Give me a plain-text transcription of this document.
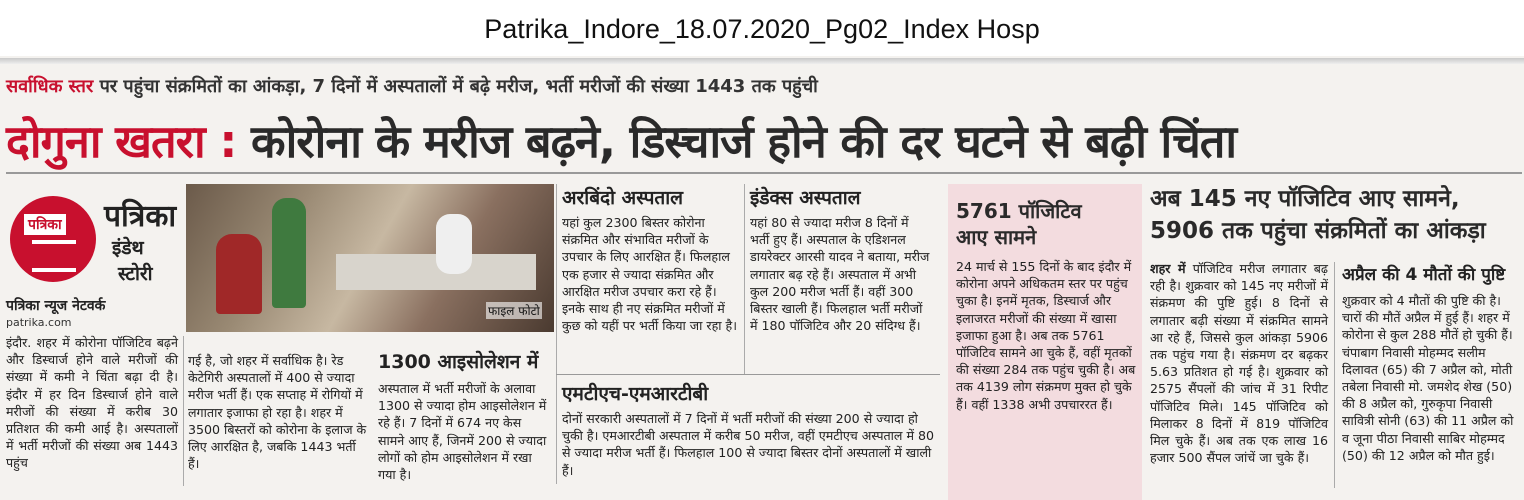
Patrika_Indore_18.07.2020_Pg02_Index Hosp
सर्वाधिक स्तर पर पहुंचा संक्रमितों का आंकड़ा, 7 दिनों में अस्पतालों में बढ़े मरीज, भर्ती मरीजों की संख्या 1443 तक पहुंची
दोगुना खतरा : कोरोना के मरीज बढ़ने, डिस्चार्ज होने की दर घटने से बढ़ी चिंता
पत्रिका पत्रिका
इंडेथ
स्टोरी
पत्रिका न्यूज नेटवर्क
patrika.com
फाइल फोटो
इंदौर. शहर में कोरोना पॉजिटिव बढ़ने और डिस्चार्ज होने वाले मरीजों की संख्या में कमी ने चिंता बढ़ा दी है। इंदौर में हर दिन डिस्चार्ज होने वाले मरीजों की संख्या में करीब 30 प्रतिशत की कमी आई है। अस्पतालों में भर्ती मरीजों की संख्या अब 1443 पहुंच
गई है, जो शहर में सर्वाधिक है। रेड केटेगिरी अस्पतालों में 400 से ज्यादा मरीज भर्ती हैं। एक सप्ताह में रोगियों में लगातार इजाफा हो रहा है। शहर में 3500 बिस्तरों को कोरोना के इलाज के लिए आरक्षित है, जबकि 1443 भर्ती हैं।
1300 आइसोलेशन में
अस्पताल में भर्ती मरीजों के अलावा 1300 से ज्यादा होम आइसोलेशन में रहे हैं। 7 दिनों में 674 नए केस सामने आए हैं, जिनमें 200 से ज्यादा लोगों को होम आइसोलेशन में रखा गया है।
अरबिंदो अस्पताल
यहां कुल 2300 बिस्तर कोरोना संक्रमित और संभावित मरीजों के उपचार के लिए आरक्षित हैं। फिलहाल एक हजार से ज्यादा संक्रमित और आरक्षित मरीज उपचार करा रहे हैं। इनके साथ ही नए संक्रमित मरीजों में कुछ को यहीं पर भर्ती किया जा रहा है।
इंडेक्स अस्पताल
यहां 80 से ज्यादा मरीज 8 दिनों में भर्ती हुए हैं। अस्पताल के एडिशनल डायरेक्टर आरसी यादव ने बताया, मरीज लगातार बढ़ रहे हैं। अस्पताल में अभी कुल 200 मरीज भर्ती हैं। वहीं 300 बिस्तर खाली हैं। फिलहाल भर्ती मरीजों में 180 पॉजिटिव और 20 संदिग्ध हैं।
एमटीएच-एमआरटीबी
दोनों सरकारी अस्पतालों में 7 दिनों में भर्ती मरीजों की संख्या 200 से ज्यादा हो चुकी है। एमआरटीबी अस्पताल में करीब 50 मरीज, वहीं एमटीएच अस्पताल में 80 से ज्यादा मरीज भर्ती हैं। फिलहाल 100 से ज्यादा बिस्तर दोनों अस्पतालों में खाली हैं।
5761 पॉजिटिव
आए सामने
24 मार्च से 155 दिनों के बाद इंदौर में कोरोना अपने अधिकतम स्तर पर पहुंच चुका है। इनमें मृतक, डिस्चार्ज और इलाजरत मरीजों की संख्या में खासा इजाफा हुआ है। अब तक 5761 पॉजिटिव सामने आ चुके हैं, वहीं मृतकों की संख्या 284 तक पहुंच चुकी है। अब तक 4139 लोग संक्रमण मुक्त हो चुके हैं। वहीं 1338 अभी उपचाररत हैं।
अब 145 नए पॉजिटिव आए सामने,
5906 तक पहुंचा संक्रमितों का आंकड़ा
शहर में पॉजिटिव मरीज लगातार बढ़ रही है। शुक्रवार को 145 नए मरीजों में संक्रमण की पुष्टि हुई। 8 दिनों से लगातार बढ़ी संख्या में संक्रमित सामने आ रहे हैं, जिससे कुल आंकड़ा 5906 तक पहुंच गया है। संक्रमण दर बढ़कर 5.63 प्रतिशत हो गई है। शुक्रवार को 2575 सैंपलों की जांच में 31 रिपीट पॉजिटिव मिले। 145 पॉजिटिव को मिलाकर 8 दिनों में 819 पॉजिटिव मिल चुके हैं। अब तक एक लाख 16 हजार 500 सैंपल जांचें जा चुके हैं।
अप्रैल की 4 मौतों की पुष्टि
शुक्रवार को 4 मौतों की पुष्टि की है। चारों की मौतें अप्रैल में हुई हैं। शहर में कोरोना से कुल 288 मौतें हो चुकी हैं। चंपाबाग निवासी मोहम्मद सलीम दिलावत (65) की 7 अप्रैल को, मोती तबेला निवासी मो. जमशेद शेख (50) की 8 अप्रैल को, गुरुकृपा निवासी सावित्री सोनी (63) की 11 अप्रैल को व जूना पीठा निवासी साबिर मोहम्मद (50) की 12 अप्रैल को मौत हुई।
